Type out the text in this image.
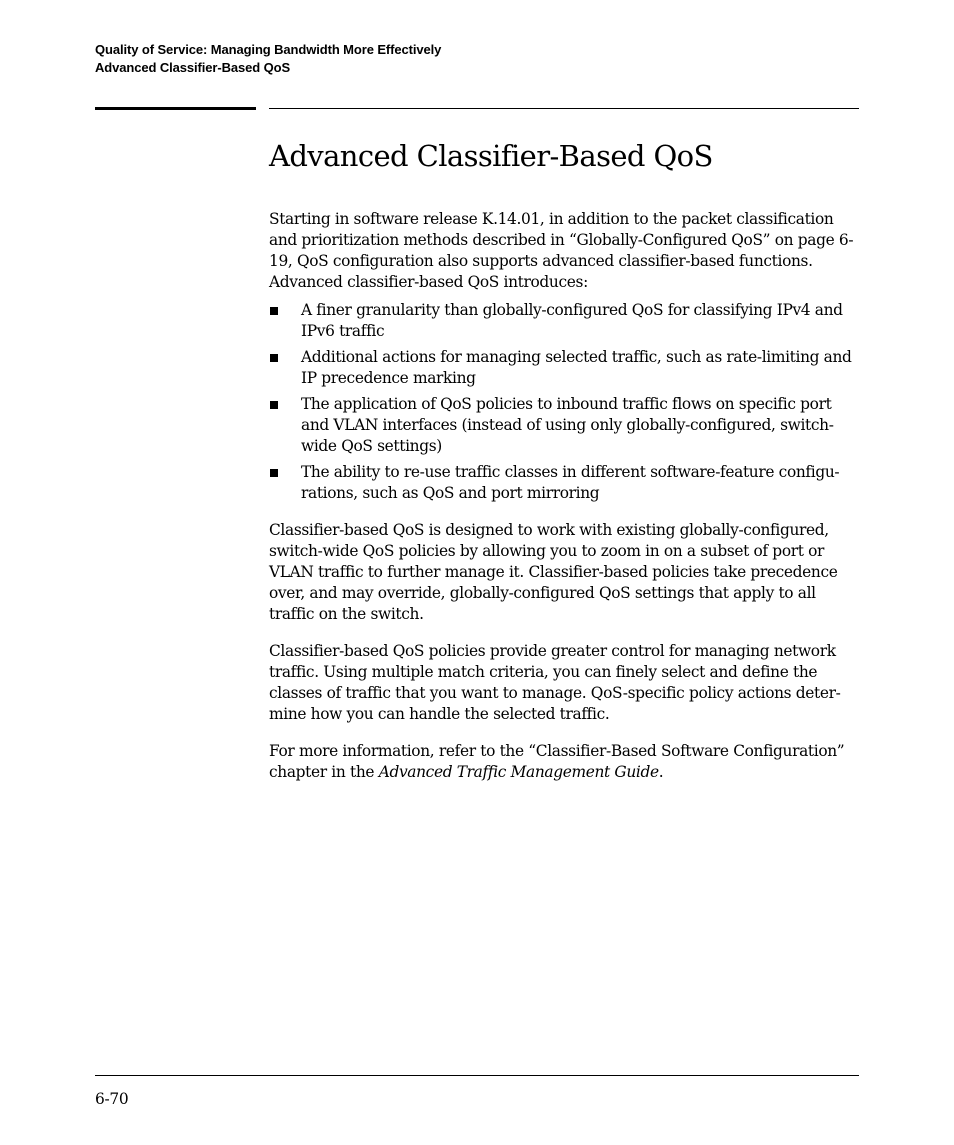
Quality of Service: Managing Bandwidth More Effectively
Advanced Classifier-Based QoS
Advanced Classifier-Based QoS

Starting in software release K.14.01, in addition to the packet classification and prioritization methods described in “Globally-Configured QoS” on page 6-19, QoS configuration also supports advanced classifier-based functions. Advanced classifier-based QoS introduces:

A finer granularity than globally-configured QoS for classifying IPv4 and IPv6 traffic
Additional actions for managing selected traffic, such as rate-limiting and IP precedence marking
The application of QoS policies to inbound traffic flows on specific port and VLAN interfaces (instead of using only globally-configured, switch-wide QoS settings)
The ability to re-use traffic classes in different software-feature configu-rations, such as QoS and port mirroring

Classifier-based QoS is designed to work with existing globally-configured, switch-wide QoS policies by allowing you to zoom in on a subset of port or VLAN traffic to further manage it. Classifier-based policies take precedence over, and may override, globally-configured QoS settings that apply to all traffic on the switch.

Classifier-based QoS policies provide greater control for managing network traffic. Using multiple match criteria, you can finely select and define the classes of traffic that you want to manage. QoS-specific policy actions deter-mine how you can handle the selected traffic.

For more information, refer to the “Classifier-Based Software Configuration” chapter in the Advanced Traffic Management Guide.

6-70
